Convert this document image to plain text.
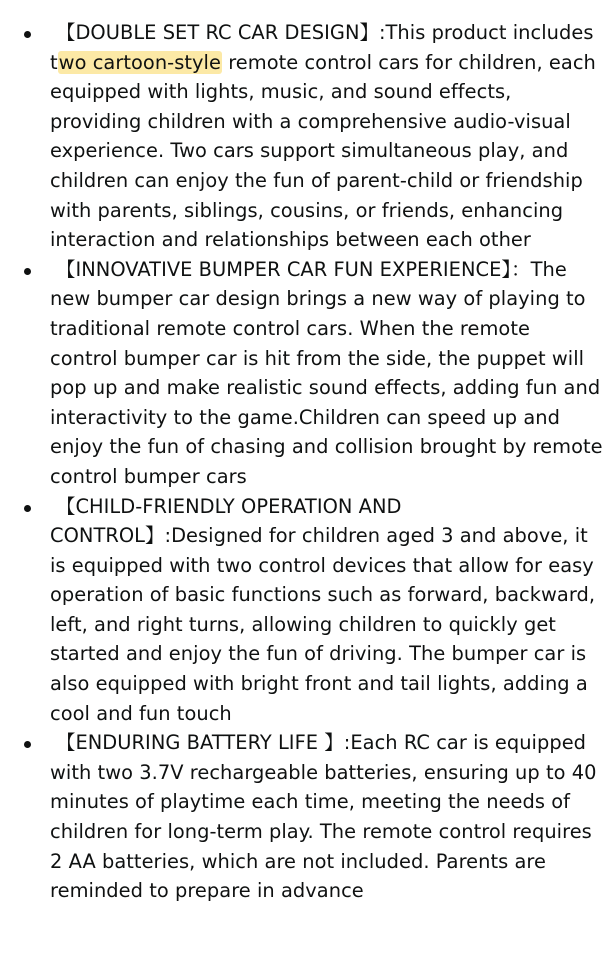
【DOUBLE SET RC CAR DESIGN】:This product includes two cartoon-style remote control cars for children, each equipped with lights, music, and sound effects, providing children with a comprehensive audio-visual experience. Two cars support simultaneous play, and children can enjoy the fun of parent-child or friendship with parents, siblings, cousins, or friends, enhancing interaction and relationships between each other
【INNOVATIVE BUMPER CAR FUN EXPERIENCE】：The new bumper car design brings a new way of playing to traditional remote control cars. When the remote control bumper car is hit from the side, the puppet will pop up and make realistic sound effects, adding fun and interactivity to the game.Children can speed up and enjoy the fun of chasing and collision brought by remote control bumper cars
【CHILD-FRIENDLY OPERATION AND CONTROL】:Designed for children aged 3 and above, it is equipped with two control devices that allow for easy operation of basic functions such as forward, backward, left, and right turns, allowing children to quickly get started and enjoy the fun of driving. The bumper car is also equipped with bright front and tail lights, adding a cool and fun touch
【ENDURING BATTERY LIFE 】:Each RC car is equipped with two 3.7V rechargeable batteries, ensuring up to 40 minutes of playtime each time, meeting the needs of children for long-term play. The remote control requires 2 AA batteries, which are not included. Parents are reminded to prepare in advance
